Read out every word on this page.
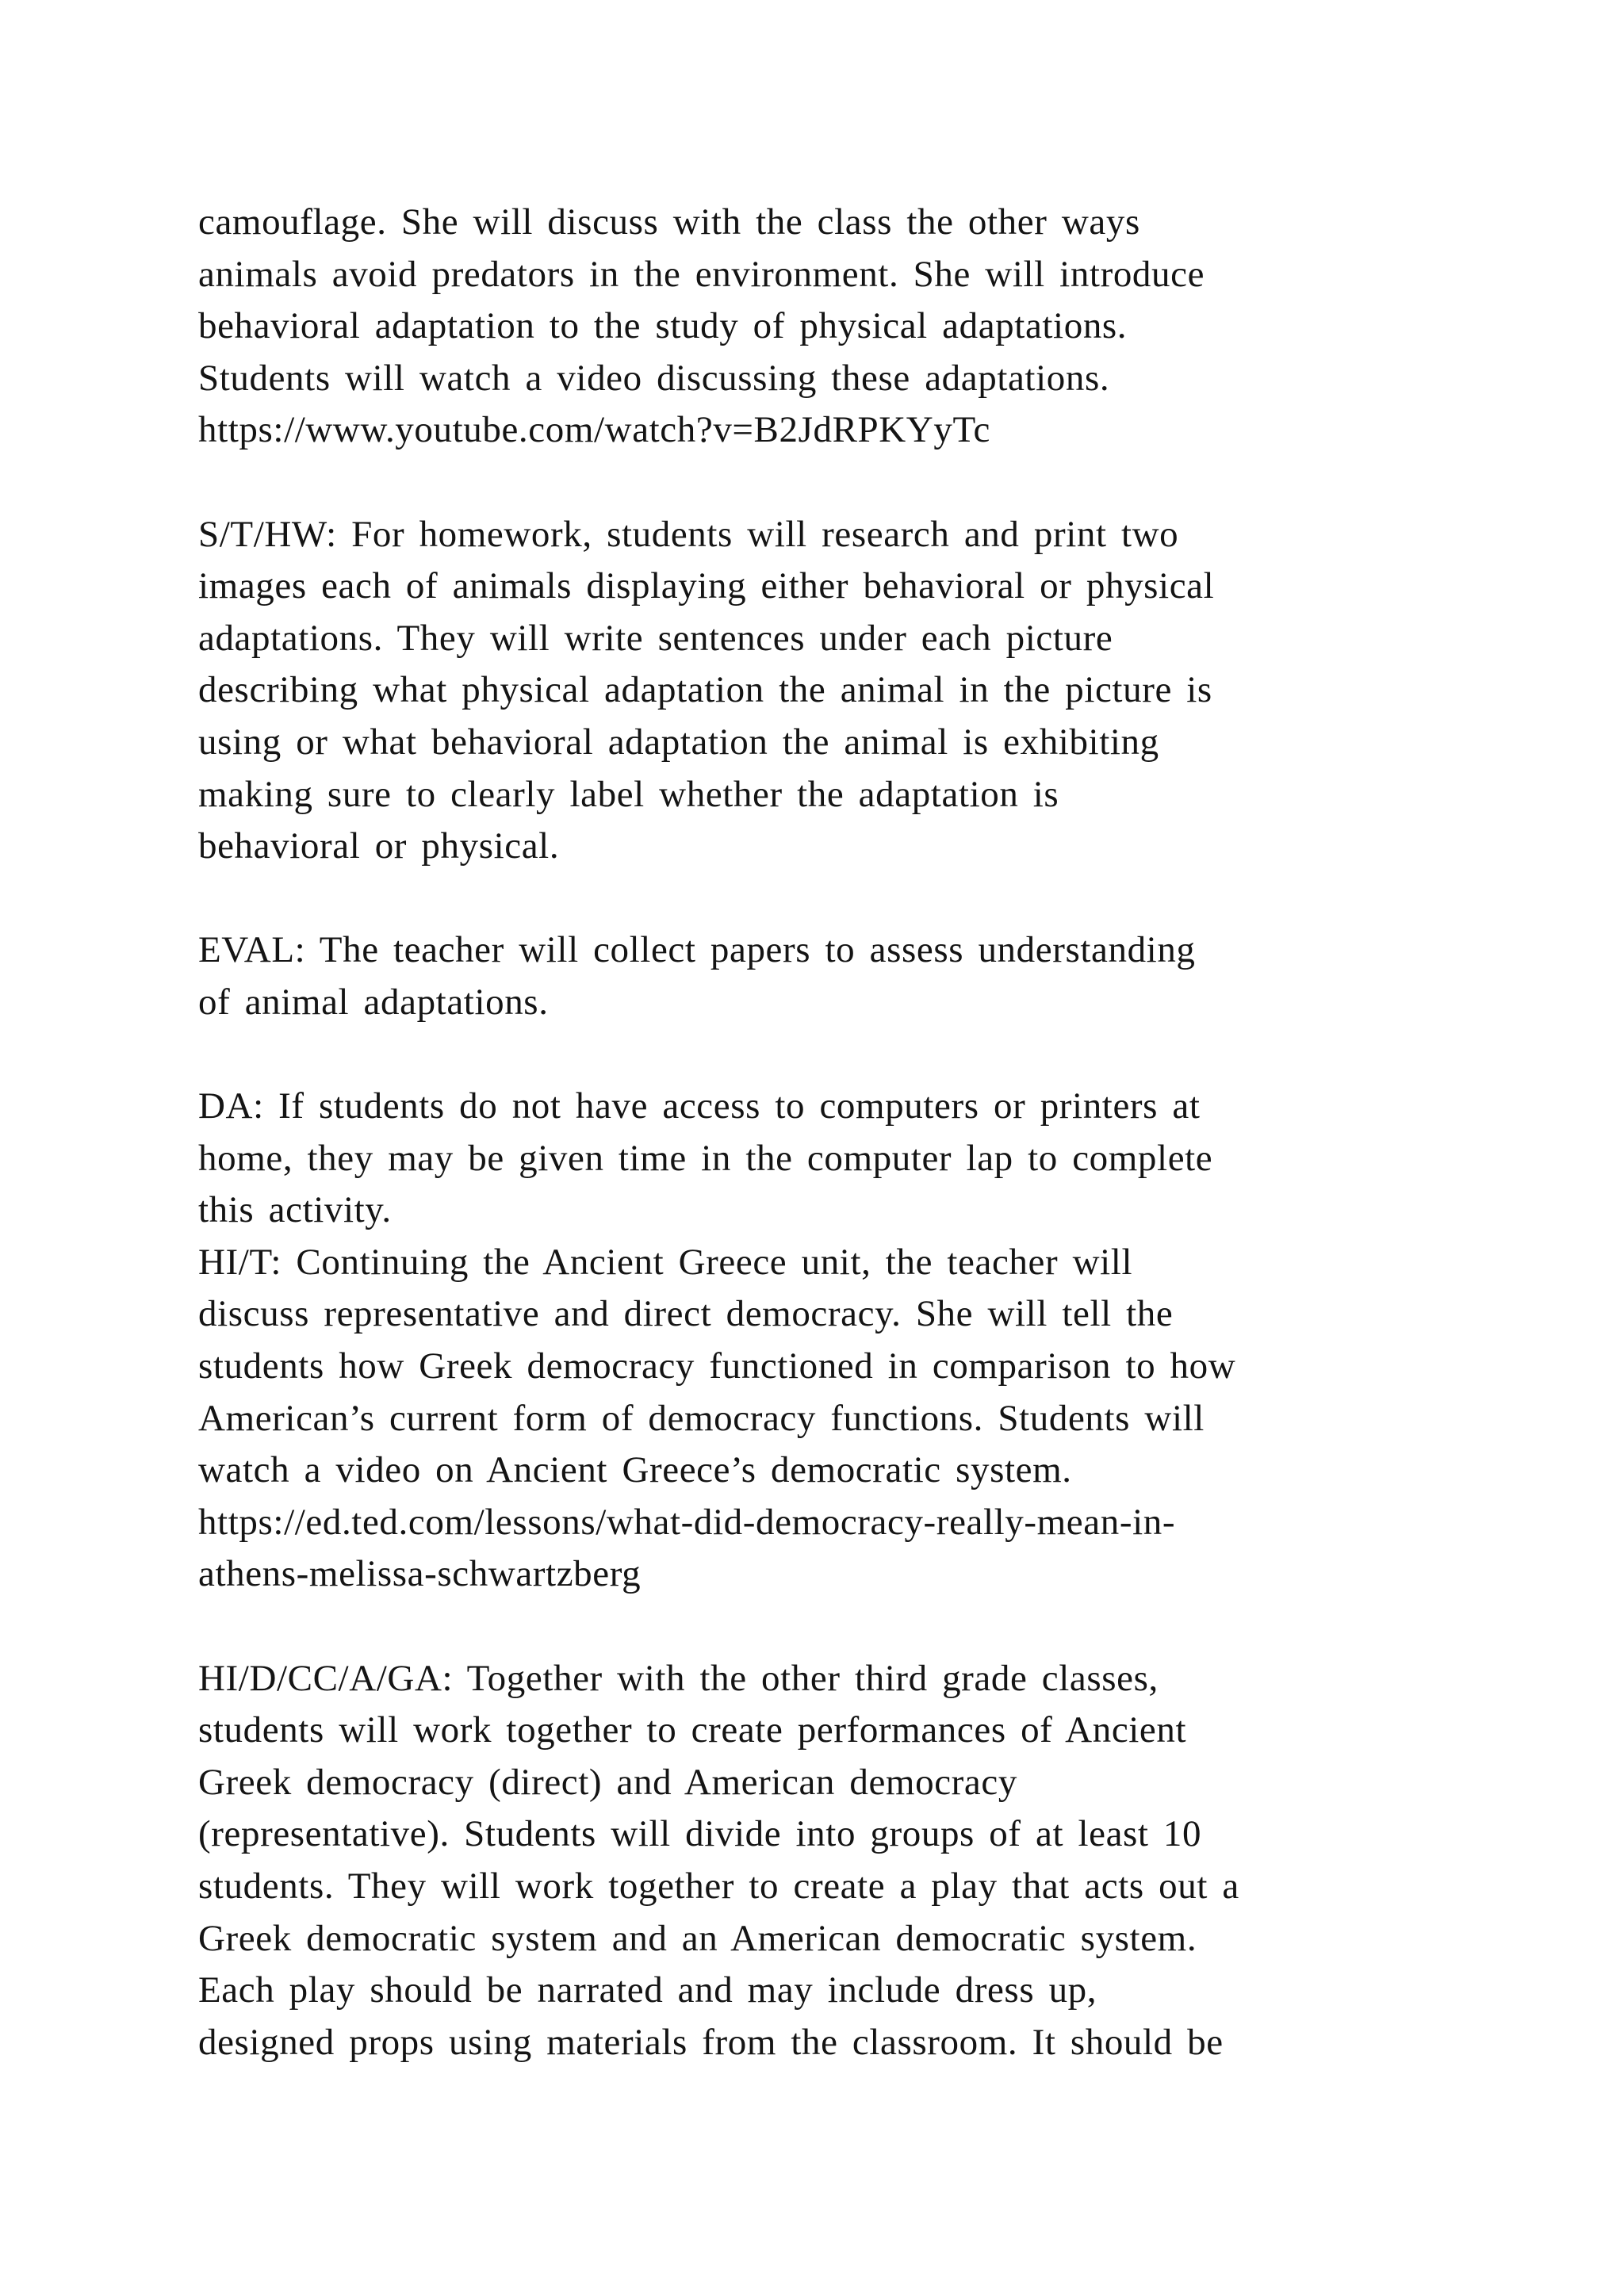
camouflage. She will discuss with the class the other ways
animals avoid predators in the environment. She will introduce
behavioral adaptation to the study of physical adaptations.
Students will watch a video discussing these adaptations.
https://www.youtube.com/watch?v=B2JdRPKYyTc
S/T/HW: For homework, students will research and print two
images each of animals displaying either behavioral or physical
adaptations. They will write sentences under each picture
describing what physical adaptation the animal in the picture is
using or what behavioral adaptation the animal is exhibiting
making sure to clearly label whether the adaptation is
behavioral or physical.
EVAL: The teacher will collect papers to assess understanding
of animal adaptations.
DA: If students do not have access to computers or printers at
home, they may be given time in the computer lap to complete
this activity.
HI/T: Continuing the Ancient Greece unit, the teacher will
discuss representative and direct democracy. She will tell the
students how Greek democracy functioned in comparison to how
American’s current form of democracy functions. Students will
watch a video on Ancient Greece’s democratic system.
https://ed.ted.com/lessons/what-did-democracy-really-mean-in-
athens-melissa-schwartzberg
HI/D/CC/A/GA: Together with the other third grade classes,
students will work together to create performances of Ancient
Greek democracy (direct) and American democracy
(representative). Students will divide into groups of at least 10
students. They will work together to create a play that acts out a
Greek democratic system and an American democratic system.
Each play should be narrated and may include dress up,
designed props using materials from the classroom. It should be
